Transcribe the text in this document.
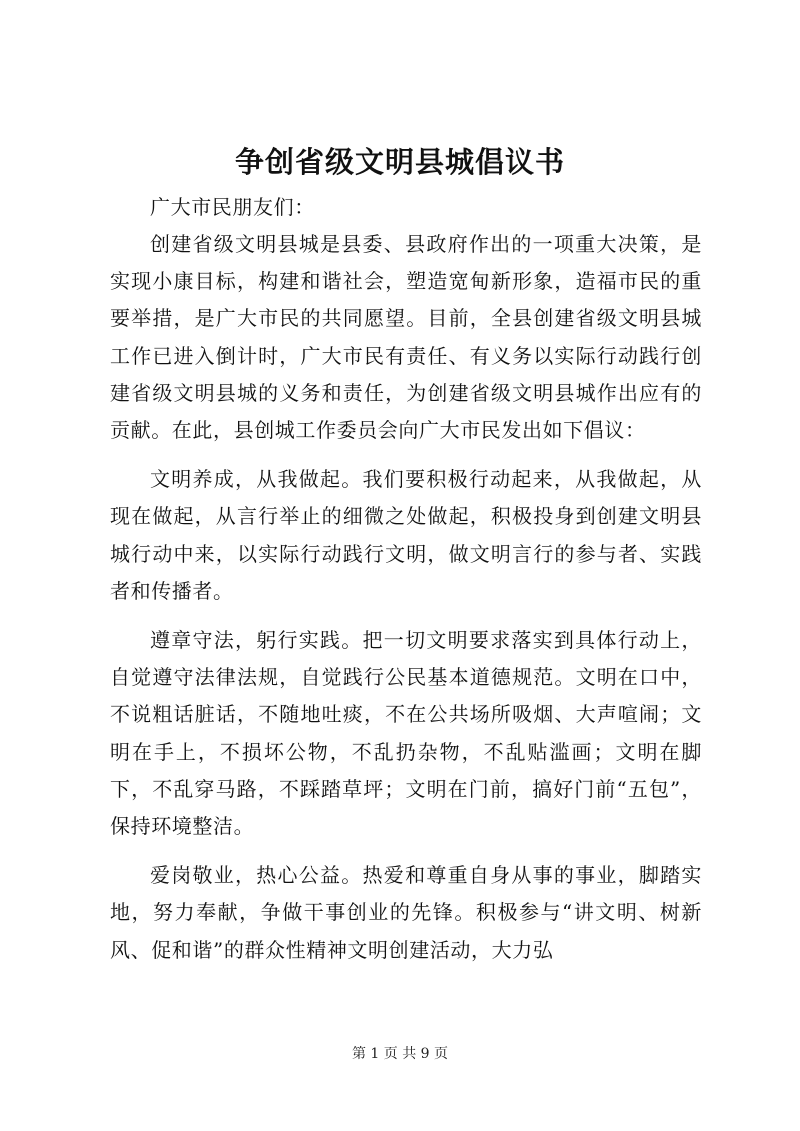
争创省级文明县城倡议书

广大市民朋友们：

创建省级文明县城是县委、县政府作出的一项重大决策，是实现小康目标，构建和谐社会，塑造宽甸新形象，造福市民的重要举措，是广大市民的共同愿望。目前，全县创建省级文明县城工作已进入倒计时，广大市民有责任、有义务以实际行动践行创建省级文明县城的义务和责任，为创建省级文明县城作出应有的贡献。在此，县创城工作委员会向广大市民发出如下倡议：

文明养成，从我做起。我们要积极行动起来，从我做起，从现在做起，从言行举止的细微之处做起，积极投身到创建文明县城行动中来，以实际行动践行文明，做文明言行的参与者、实践者和传播者。

遵章守法，躬行实践。把一切文明要求落实到具体行动上，自觉遵守法律法规，自觉践行公民基本道德规范。文明在口中，不说粗话脏话，不随地吐痰，不在公共场所吸烟、大声喧闹；文明在手上，不损坏公物，不乱扔杂物，不乱贴滥画；文明在脚下，不乱穿马路，不踩踏草坪；文明在门前，搞好门前“五包”，保持环境整洁。

爱岗敬业，热心公益。热爱和尊重自身从事的事业，脚踏实地，努力奉献，争做干事创业的先锋。积极参与“讲文明、树新风、促和谐”的群众性精神文明创建活动，大力弘

第 1 页 共 9 页
